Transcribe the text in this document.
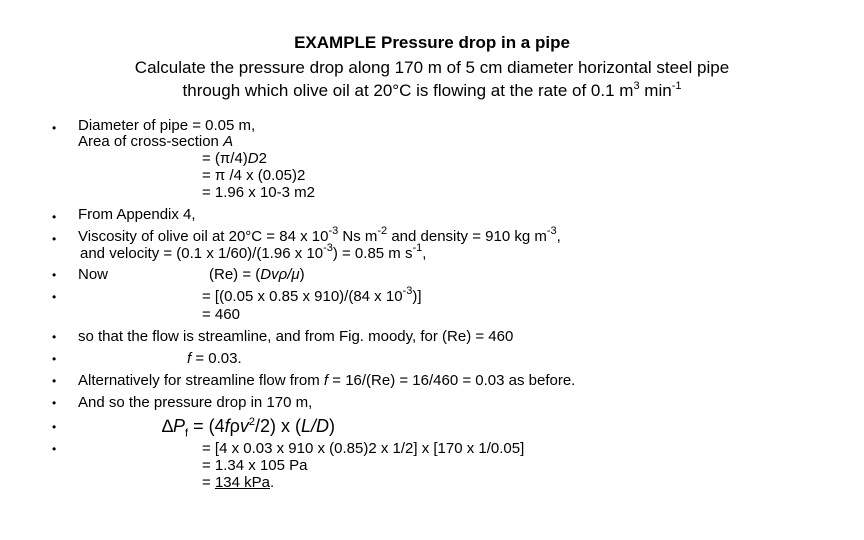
EXAMPLE Pressure drop in a pipe
Calculate the pressure drop along 170 m of 5 cm diameter horizontal steel pipe
through which olive oil at 20°C is flowing at the rate of 0.1 $m^3$ $\min^{-1}$
•
•
•
•
•
•
•
•
•
•
•
Diameter of pipe = 0.05 m,
Area of cross-section A
= (π/4)D2
= π /4 x (0.05)2
= 1.96 x 10-3 m2
From Appendix 4,
Viscosity of olive oil at 20°C = 84 x $10^{-3}$ Ns $m^{-2}$ and density = 910 kg $m^{-3}$,
and velocity = (0.1 x 1/60)/(1.96 x $10^{-3}) = 0.85$ m $s^{-1}$,
Now	(Re) = (Dvρ/μ)
= [(0.05 x 0.85 x 910)/(84 x $10^{-3}$)]
= 460
so that the flow is streamline, and from Fig. moody, for (Re) = 460
f = 0.03.
Alternatively for streamline flow from f = 16/(Re) = 16/460 = 0.03 as before.
And so the pressure drop in 170 m,
$\Delta P_f = (4f\rho v^2/2)$ x (L/D)
= [4 x 0.03 x 910 x (0.85)2 x 1/2] x [170 x 1/0.05]
= 1.34 x 105 Pa
= 134 kPa.
